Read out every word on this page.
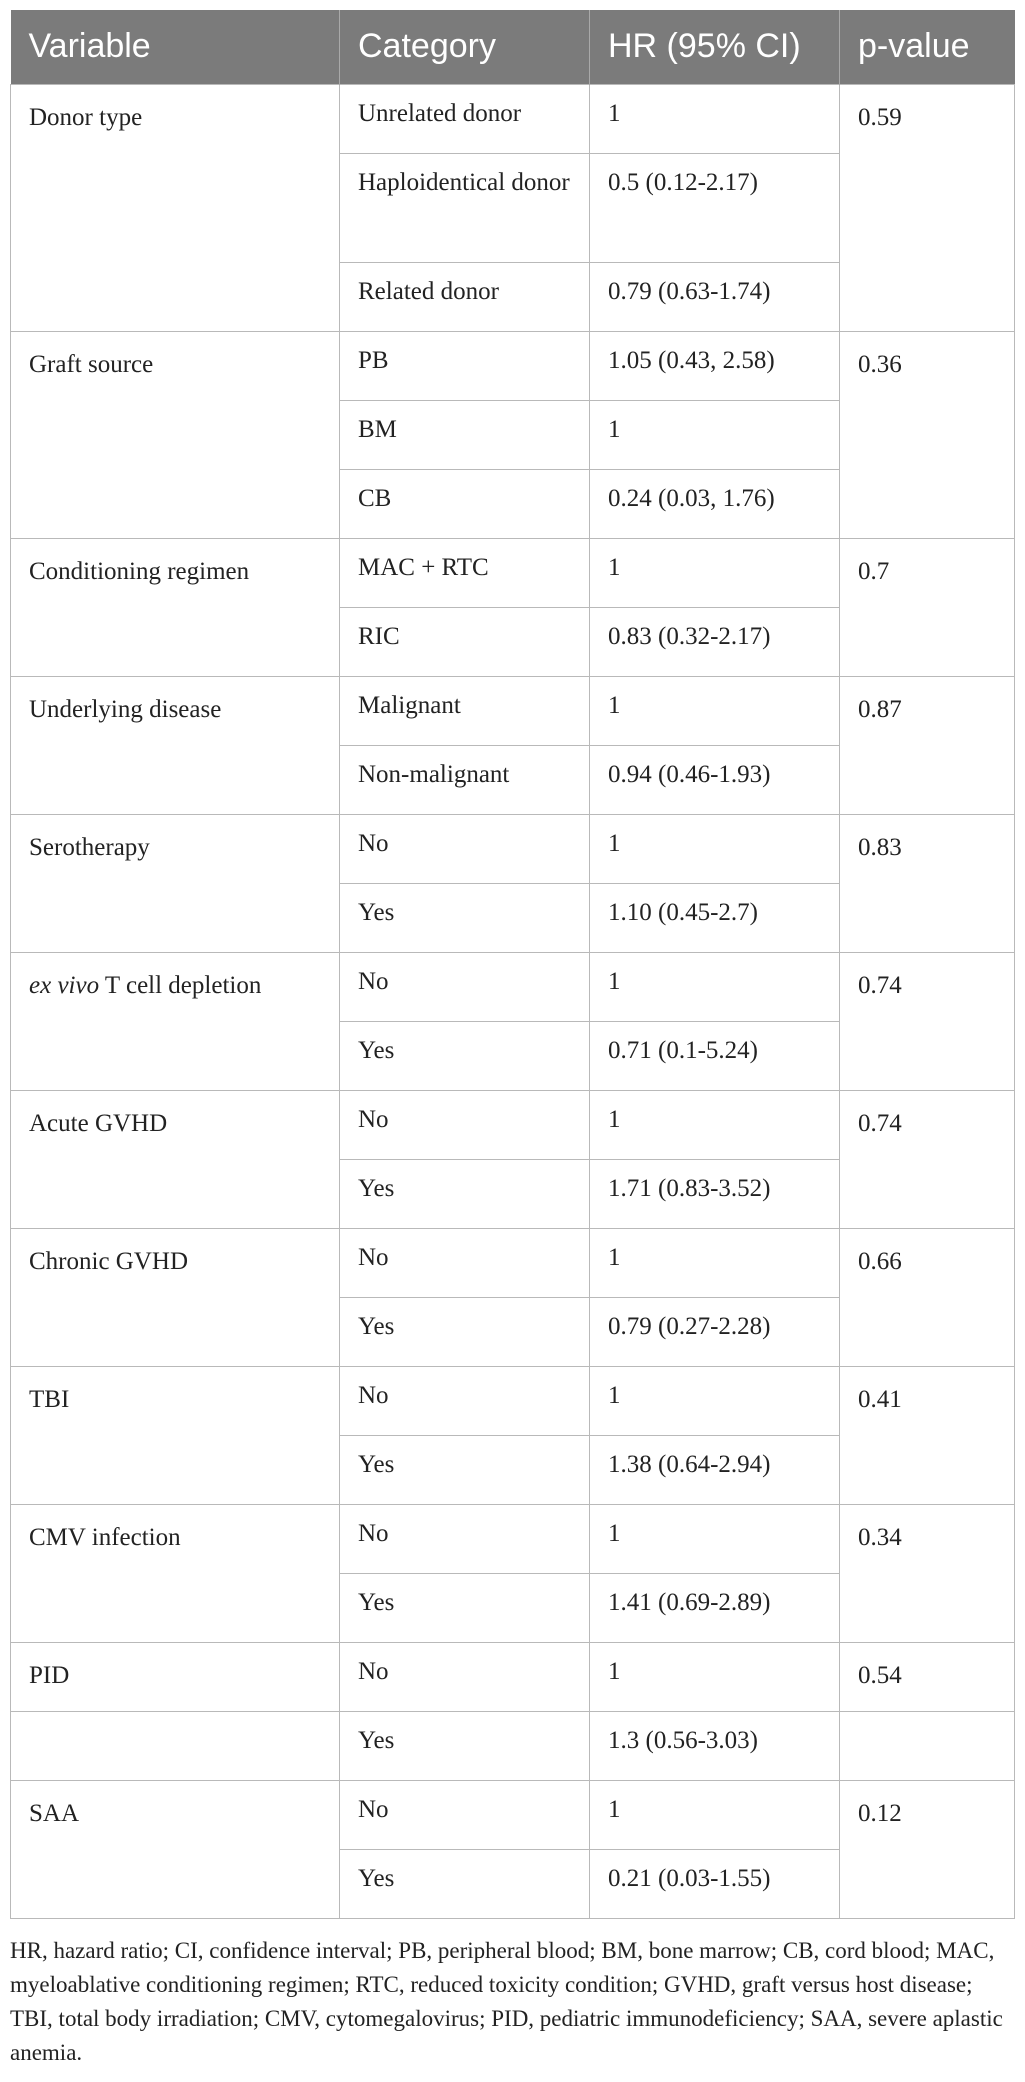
Variable	Category	HR (95% CI)	p-value
Donor type	Unrelated donor	1	0.59
	Haploidentical donor	0.5 (0.12-2.17)	
	Related donor	0.79 (0.63-1.74)	
Graft source	PB	1.05 (0.43, 2.58)	0.36
	BM	1	
	CB	0.24 (0.03, 1.76)	
Conditioning regimen	MAC + RTC	1	0.7
	RIC	0.83 (0.32-2.17)	
Underlying disease	Malignant	1	0.87
	Non-malignant	0.94 (0.46-1.93)	
Serotherapy	No	1	0.83
	Yes	1.10 (0.45-2.7)	
ex vivo T cell depletion	No	1	0.74
	Yes	0.71 (0.1-5.24)	
Acute GVHD	No	1	0.74
	Yes	1.71 (0.83-3.52)	
Chronic GVHD	No	1	0.66
	Yes	0.79 (0.27-2.28)	
TBI	No	1	0.41
	Yes	1.38 (0.64-2.94)	
CMV infection	No	1	0.34
	Yes	1.41 (0.69-2.89)	
PID	No	1	0.54
	Yes	1.3 (0.56-3.03)	
SAA	No	1	0.12
	Yes	0.21 (0.03-1.55)	
HR, hazard ratio; CI, confidence interval; PB, peripheral blood; BM, bone marrow; CB, cord blood; MAC, myeloablative conditioning regimen; RTC, reduced toxicity condition; GVHD, graft versus host disease; TBI, total body irradiation; CMV, cytomegalovirus; PID, pediatric immunodeficiency; SAA, severe aplastic anemia.
